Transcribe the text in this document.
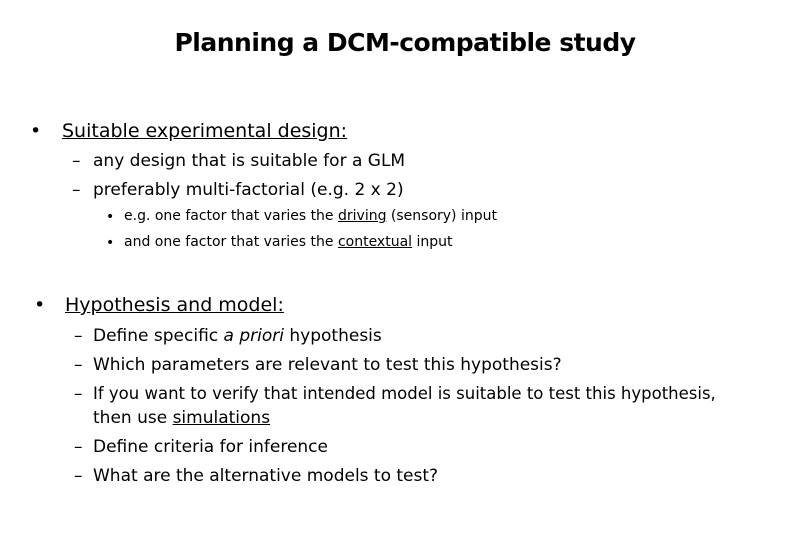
Planning a DCM-compatible study
• Suitable experimental design:
– any design that is suitable for a GLM
– preferably multi-factorial (e.g. 2 x 2)
• e.g. one factor that varies the driving (sensory) input
• and one factor that varies the contextual input
• Hypothesis and model:
– Define specific a priori hypothesis
– Which parameters are relevant to test this hypothesis?
– If you want to verify that intended model is suitable to test this hypothesis,
then use simulations
– Define criteria for inference
– What are the alternative models to test?
